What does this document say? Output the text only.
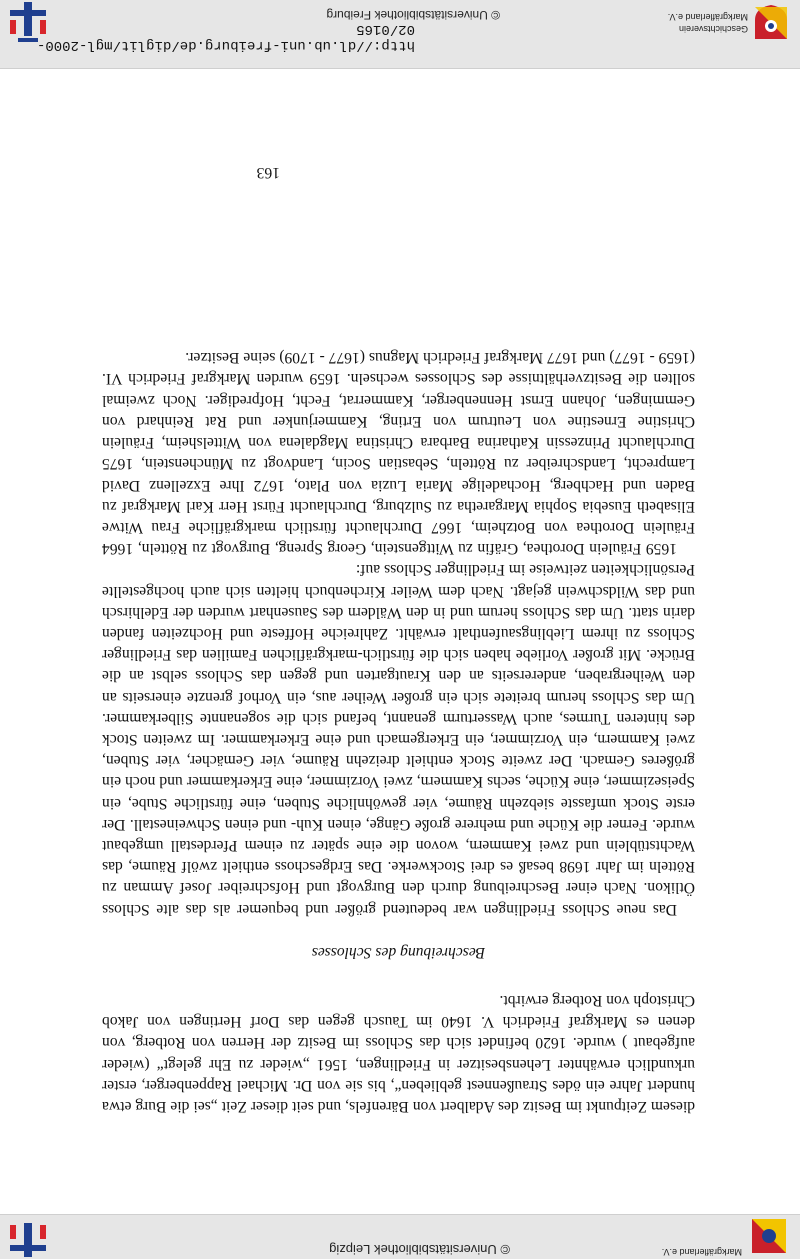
© Universitätsbibliothek Leipzig	Markgräflerland e.V.

diesem Zeitpunkt im Besitz des Adalbert von Bärenfels, und seit dieser Zeit „sei die Burg etwa hundert Jahre ein ödes Straußennest geblieben“, bis sie von Dr. Michael Rappenberger, erster urkundlich erwähnter Lehensbesitzer in Friedlingen, 1561 „wieder zu Ehr gelegt“ (wieder aufgebaut ) wurde. 1620 befindet sich das Schloss im Besitz der Herren von Rotberg, von denen es Markgraf Friedrich V. 1640 im Tausch gegen das Dorf Hertingen von Jakob Christoph von Rotberg erwirbt.

Beschreibung des Schlosses

Das neue Schloss Friedlingen war bedeutend größer und bequemer als das alte Schloss Ötlikon. Nach einer Beschreibung durch den Burgvogt und Hofschreiber Josef Amman zu Rötteln im Jahr 1698 besaß es drei Stockwerke. Das Erdgeschoss enthielt zwölf Räume, das Wachtstüblein und zwei Kammern, wovon die eine später zu einem Pferdestall umgebaut wurde. Ferner die Küche und mehrere große Gänge, einen Kuh- und einen Schweinestall. Der erste Stock umfasste siebzehn Räume, vier gewöhnliche Stuben, eine fürstliche Stube, ein Speisezimmer, eine Küche, sechs Kammern, zwei Vorzimmer, eine Erkerkammer und noch ein größeres Gemach. Der zweite Stock enthielt dreizehn Räume, vier Gemächer, vier Stuben, zwei Kammern, ein Vorzimmer, ein Erkergemach und eine Erkerkammer. Im zweiten Stock des hinteren Turmes, auch Wasserturm genannt, befand sich die sogenannte Silberkammer. Um das Schloss herum breitete sich ein großer Weiher aus, ein Vorhof grenzte einerseits an den Weihergraben, andererseits an den Krautgarten und gegen das Schloss selbst an die Brücke. Mit großer Vorliebe haben sich die fürstlich-markgräflichen Familien das Friedlinger Schloss zu ihrem Lieblingsaufenthalt erwählt. Zahlreiche Hoffeste und Hochzeiten fanden darin statt. Um das Schloss herum und in den Wäldern des Sausenhart wurden der Edelhirsch und das Wildschwein gejagt. Nach dem Weiler Kirchenbuch hielten sich auch hochgestellte Persönlichkeiten zeitweise im Friedlinger Schloss auf:

1659 Fräulein Dorothea, Gräfin zu Wittgenstein, Georg Spreng, Burgvogt zu Rötteln, 1664 Fräulein Dorothea von Botzheim, 1667 Durchlaucht fürstlich markgräfliche Frau Witwe Elisabeth Eusebia Sophia Margaretha zu Sulzburg, Durchlaucht Fürst Herr Karl Markgraf zu Baden und Hachberg, Hochadelige Maria Luzia von Plato, 1672 Ihre Exzellenz David Lamprecht, Landschreiber zu Rötteln, Sebastian Socin, Landvogt zu Münchenstein, 1675 Durchlaucht Prinzessin Katharina Barbara Christina Magdalena von Wittelsheim, Fräulein Christine Ernestine von Leutrum von Erting, Kammerjunker und Rat Reinhard von Gemmingen, Johann Ernst Hennenberger, Kammerrat, Fecht, Hofprediger. Noch zweimal sollten die Besitzverhältnisse des Schlosses wechseln. 1659 wurden Markgraf Friedrich VI. (1659 - 1677) und 1677 Markgraf Friedrich Magnus (1677 - 1709) seine Besitzer.

163
© Universitätsbibliothek Freiburg
Geschichtsverein
Markgräflerland e.V.
http://dl.ub.uni-freiburg.de/diglit/mgl-2000-02/0165
